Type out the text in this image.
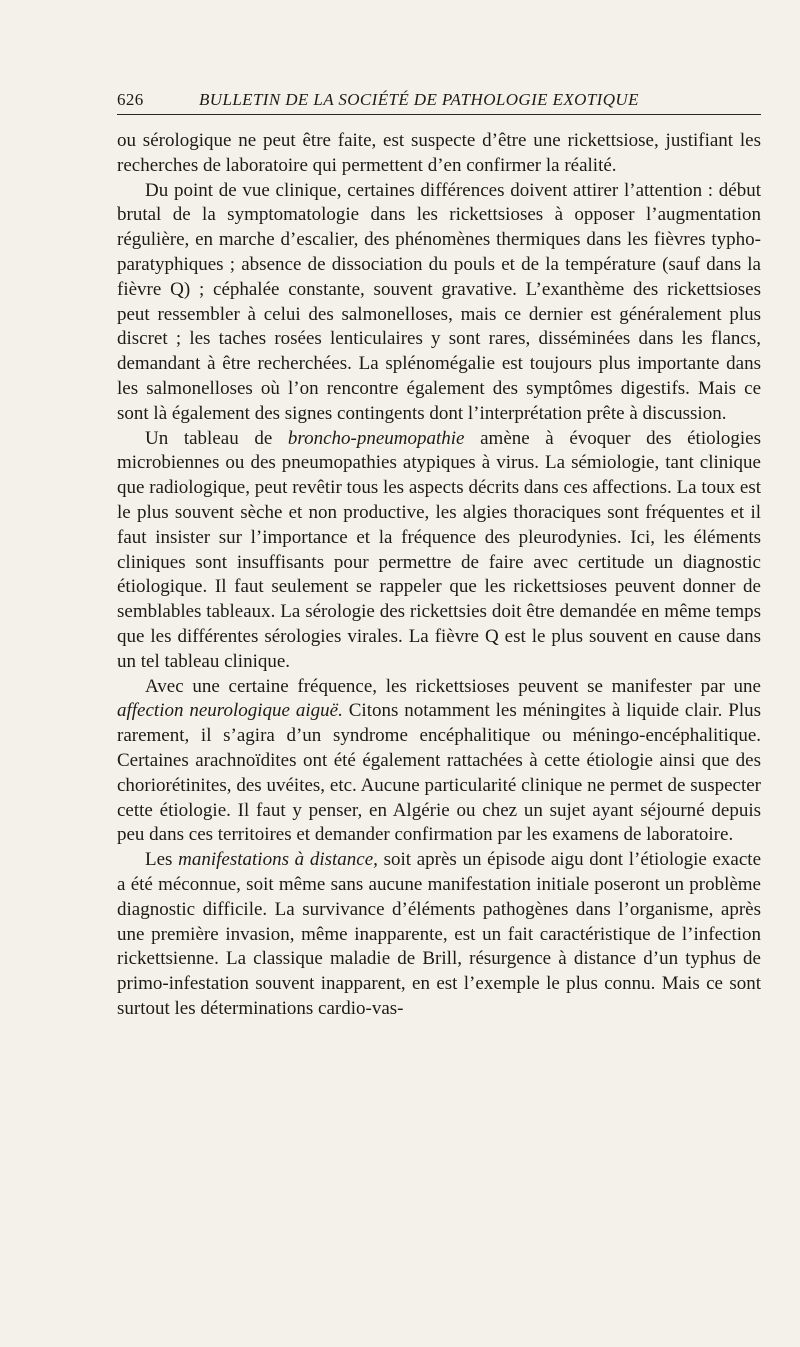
626	BULLETIN DE LA SOCIÉTÉ DE PATHOLOGIE EXOTIQUE

ou sérologique ne peut être faite, est suspecte d’être une rickettsiose, justifiant les recherches de laboratoire qui permettent d’en confirmer la réalité.

Du point de vue clinique, certaines différences doivent attirer l’attention : début brutal de la symptomatologie dans les rickettsioses à opposer l’augmentation régulière, en marche d’escalier, des phénomènes thermiques dans les fièvres typho-paratyphiques ; absence de dissociation du pouls et de la température (sauf dans la fièvre Q) ; céphalée constante, souvent gravative. L’exanthème des rickettsioses peut ressembler à celui des salmonelloses, mais ce dernier est généralement plus discret ; les taches rosées lenticulaires y sont rares, disséminées dans les flancs, demandant à être recherchées. La splénomégalie est toujours plus importante dans les salmonelloses où l’on rencontre également des symptômes digestifs. Mais ce sont là également des signes contingents dont l’interprétation prête à discussion.

Un tableau de broncho-pneumopathie amène à évoquer des étiologies microbiennes ou des pneumopathies atypiques à virus. La sémiologie, tant clinique que radiologique, peut revêtir tous les aspects décrits dans ces affections. La toux est le plus souvent sèche et non productive, les algies thoraciques sont fréquentes et il faut insister sur l’importance et la fréquence des pleurodynies. Ici, les éléments cliniques sont insuffisants pour permettre de faire avec certitude un diagnostic étiologique. Il faut seulement se rappeler que les rickettsioses peuvent donner de semblables tableaux. La sérologie des rickettsies doit être demandée en même temps que les différentes sérologies virales. La fièvre Q est le plus souvent en cause dans un tel tableau clinique.

Avec une certaine fréquence, les rickettsioses peuvent se manifester par une affection neurologique aiguë. Citons notamment les méningites à liquide clair. Plus rarement, il s’agira d’un syndrome encéphalitique ou méningo-encéphalitique. Certaines arachnoïdites ont été également rattachées à cette étiologie ainsi que des choriorétinites, des uvéites, etc. Aucune particularité clinique ne permet de suspecter cette étiologie. Il faut y penser, en Algérie ou chez un sujet ayant séjourné depuis peu dans ces territoires et demander confirmation par les examens de laboratoire.

Les manifestations à distance, soit après un épisode aigu dont l’étiologie exacte a été méconnue, soit même sans aucune manifestation initiale poseront un problème diagnostic difficile. La survivance d’éléments pathogènes dans l’organisme, après une première invasion, même inapparente, est un fait caractéristique de l’infection rickettsienne. La classique maladie de Brill, résurgence à distance d’un typhus de primo-infestation souvent inapparent, en est l’exemple le plus connu. Mais ce sont surtout les déterminations cardio-vas-
